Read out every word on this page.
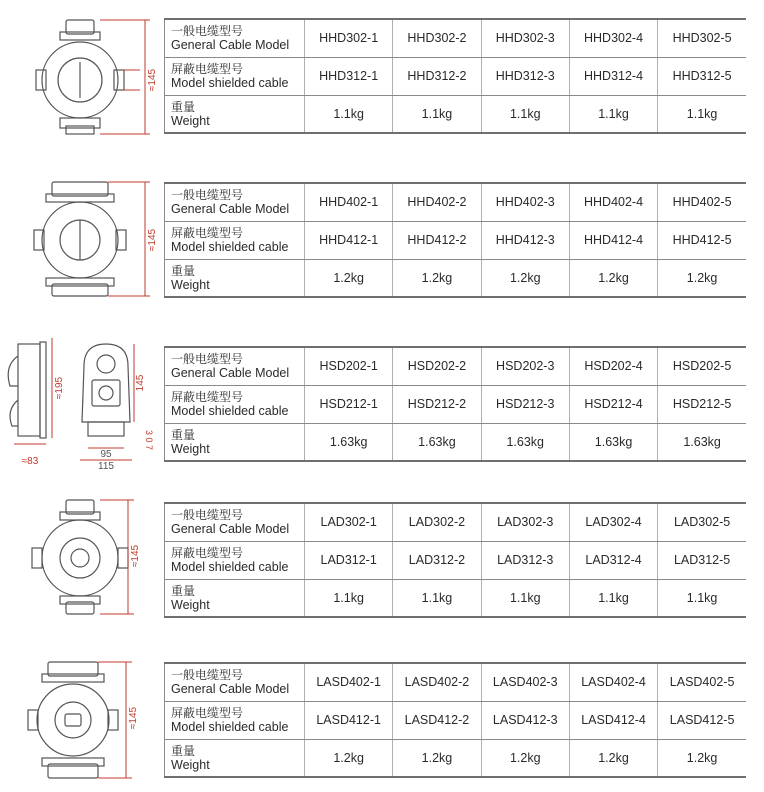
≈145
一般电缆型号
General Cable Model	HHD302-1	HHD302-2	HHD302-3	HHD302-4	HHD302-5

屏蔽电缆型号
Model shielded cable	HHD312-1	HHD312-2	HHD312-3	HHD312-4	HHD312-5

重量
Weight	1.1kg	1.1kg	1.1kg	1.1kg	1.1kg
≈145
一般电缆型号
General Cable Model	HHD402-1	HHD402-2	HHD402-3	HHD402-4	HHD402-5

屏蔽电缆型号
Model shielded cable	HHD412-1	HHD412-2	HHD412-3	HHD412-4	HHD412-5

重量
Weight	1.2kg	1.2kg	1.2kg	1.2kg	1.2kg
≈195
≈83
145
95
115
3 0 7
一般电缆型号
General Cable Model	HSD202-1	HSD202-2	HSD202-3	HSD202-4	HSD202-5

屏蔽电缆型号
Model shielded cable	HSD212-1	HSD212-2	HSD212-3	HSD212-4	HSD212-5

重量
Weight	1.63kg	1.63kg	1.63kg	1.63kg	1.63kg
≈145
一般电缆型号
General Cable Model	LAD302-1	LAD302-2	LAD302-3	LAD302-4	LAD302-5

屏蔽电缆型号
Model shielded cable	LAD312-1	LAD312-2	LAD312-3	LAD312-4	LAD312-5

重量
Weight	1.1kg	1.1kg	1.1kg	1.1kg	1.1kg
≈145
一般电缆型号
General Cable Model	LASD402-1	LASD402-2	LASD402-3	LASD402-4	LASD402-5

屏蔽电缆型号
Model shielded cable	LASD412-1	LASD412-2	LASD412-3	LASD412-4	LASD412-5

重量
Weight	1.2kg	1.2kg	1.2kg	1.2kg	1.2kg
